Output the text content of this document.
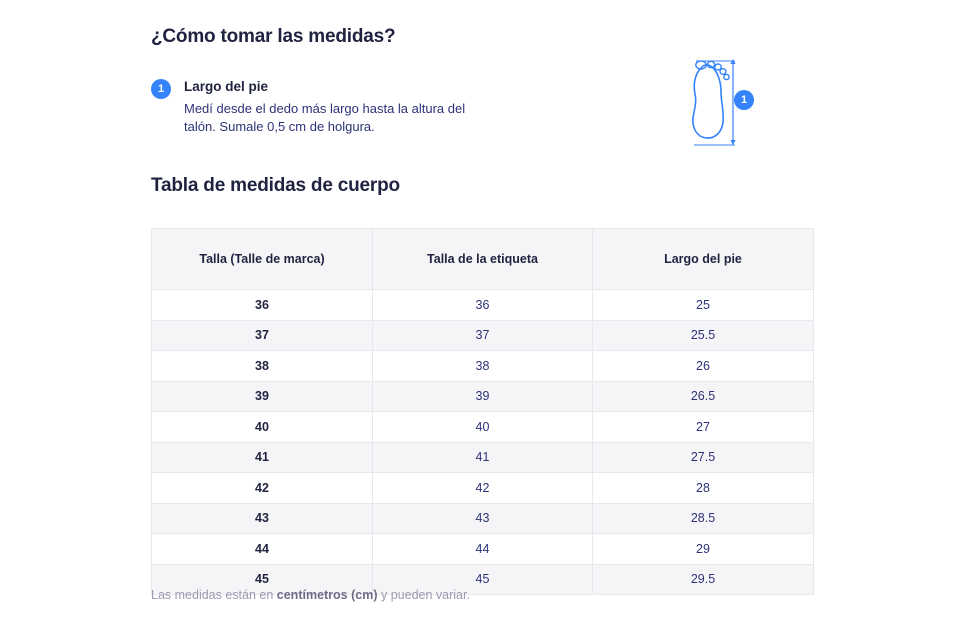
¿Cómo tomar las medidas?
1	Largo del pie
Medí desde el dedo más largo hasta la altura del talón. Sumale 0,5 cm de holgura.
1
Tabla de medidas de cuerpo
Talla (Talle de marca)	Talla de la etiqueta	Largo del pie
36	36	25
37	37	25.5
38	38	26
39	39	26.5
40	40	27
41	41	27.5
42	42	28
43	43	28.5
44	44	29
45	45	29.5
Las medidas están en centímetros (cm) y pueden variar.
